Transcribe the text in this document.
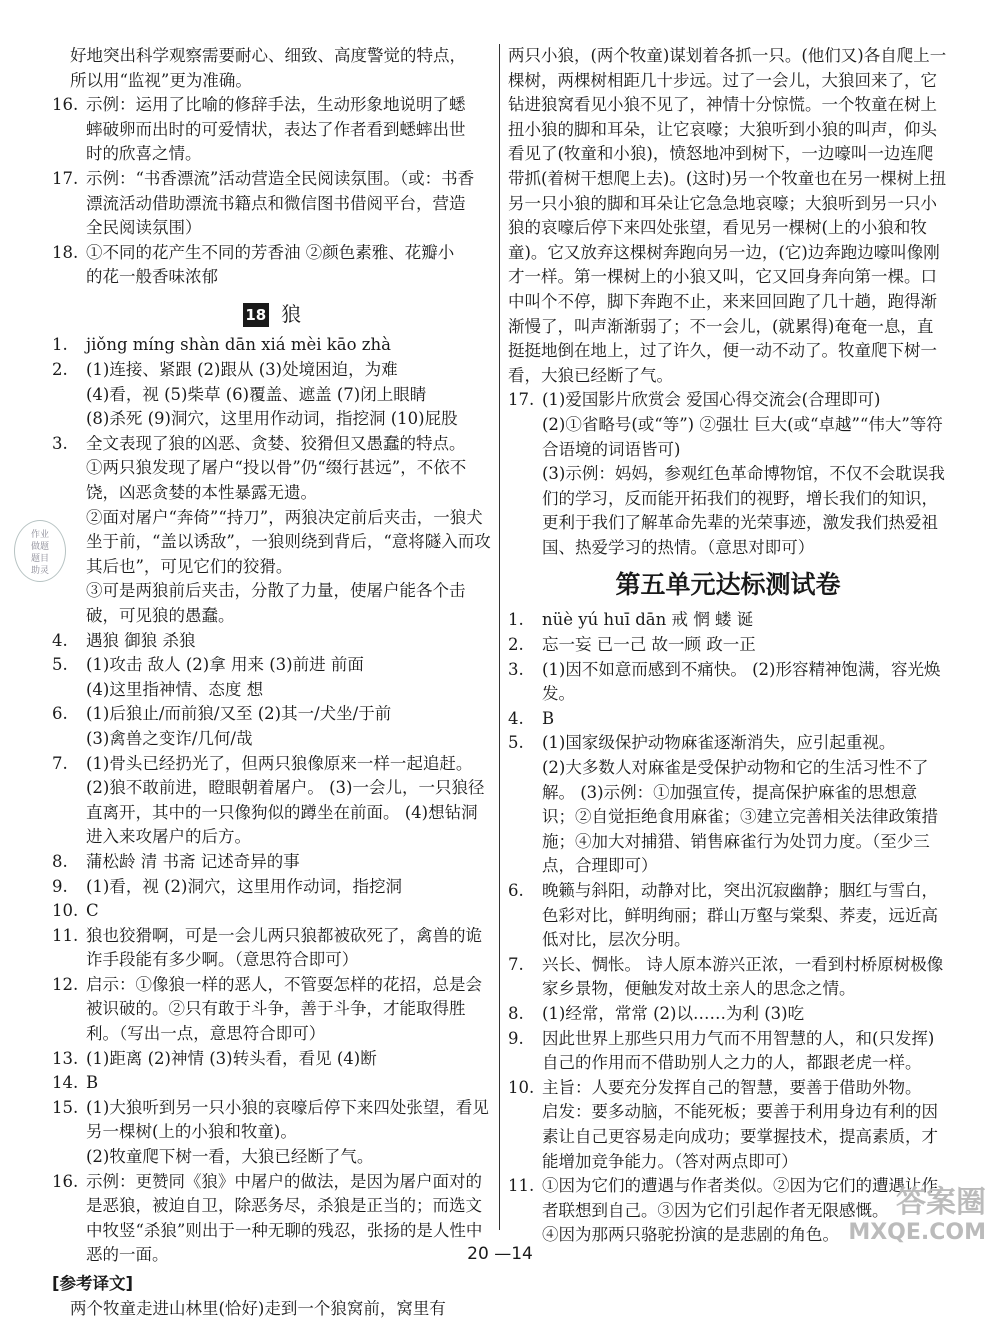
好地突出科学观察需要耐心、细致、高度警觉的特点，
所以用“监视”更为准确。
16. 示例：运用了比喻的修辞手法，生动形象地说明了蟋
蟀破卵而出时的可爱情状，表达了作者看到蟋蟀出世
时的欣喜之情。
17. 示例：“书香漂流”活动营造全民阅读氛围。（或：书香
漂流活动借助漂流书籍点和微信图书借阅平台，营造
全民阅读氛围）
18. ①不同的花产生不同的芳香油 ②颜色素雅、花瓣小
的花一般香味浓郁
18 狼
1. jiǒng míng shàn dān xiá mèi kāo zhà
2. (1)连接、紧跟 (2)跟从 (3)处境困迫，为难
(4)看，视 (5)柴草 (6)覆盖、遮盖 (7)闭上眼睛
(8)杀死 (9)洞穴，这里用作动词，指挖洞 (10)屁股
3. 全文表现了狼的凶恶、贪婪、狡猾但又愚蠢的特点。
①两只狼发现了屠户“投以骨”仍“缀行甚远”，不依不饶，凶恶贪婪的本性暴露无遗。
②面对屠户“奔倚”“持刀”，两狼决定前后夹击，一狼犬坐于前，“盖以诱敌”，一狼则绕到背后，“意将隧入而攻其后也”，可见它们的狡猾。
③可是两狼前后夹击，分散了力量，使屠户能各个击破，可见狼的愚蠢。
4. 遇狼 御狼 杀狼
5. (1)攻击 敌人 (2)拿 用来 (3)前进 前面
(4)这里指神情、态度 想
6. (1)后狼止/而前狼/又至 (2)其一/犬坐/于前
(3)禽兽之变诈/几何/哉
7. (1)骨头已经扔光了，但两只狼像原来一样一起追赶。
(2)狼不敢前进，瞪眼朝着屠户。 (3)一会儿，一只狼径直离开，其中的一只像狗似的蹲坐在前面。 (4)想钻洞进入来攻屠户的后方。
8. 蒲松龄 清 书斋 记述奇异的事
9. (1)看，视 (2)洞穴，这里用作动词，指挖洞
10. C
11. 狼也狡猾啊，可是一会儿两只狼都被砍死了，禽兽的诡诈手段能有多少啊。（意思符合即可）
12. 启示：①像狼一样的恶人，不管耍怎样的花招，总是会被识破的。②只有敢于斗争，善于斗争，才能取得胜利。（写出一点，意思符合即可）
13. (1)距离 (2)神情 (3)转头看，看见 (4)断
14. B
15. (1)大狼听到另一只小狼的哀嚎后停下来四处张望，看见另一棵树(上的小狼和牧童)。
(2)牧童爬下树一看，大狼已经断了气。
16. 示例：更赞同《狼》中屠户的做法，是因为屠户面对的是恶狼，被迫自卫，除恶务尽，杀狼是正当的；而选文中牧竖“杀狼”则出于一种无聊的残忍，张扬的是人性中恶的一面。
[参考译文]
两个牧童走进山林里(恰好)走到一个狼窝前，窝里有
两只小狼，(两个牧童)谋划着各抓一只。(他们又)各自爬上一棵树，两棵树相距几十步远。过了一会儿，大狼回来了，它钻进狼窝看见小狼不见了，神情十分惊慌。一个牧童在树上扭小狼的脚和耳朵，让它哀嚎；大狼听到小狼的叫声，仰头看见了(牧童和小狼)，愤怒地冲到树下，一边嚎叫一边连爬带抓(着树干想爬上去)。(这时)另一个牧童也在另一棵树上扭另一只小狼的脚和耳朵让它急急地哀嚎；大狼听到另一只小狼的哀嚎后停下来四处张望，看见另一棵树(上的小狼和牧童)。它又放弃这棵树奔跑向另一边，(它)边奔跑边嚎叫像刚才一样。第一棵树上的小狼又叫，它又回身奔向第一棵。口中叫个不停，脚下奔跑不止，来来回回跑了几十趟，跑得渐渐慢了，叫声渐渐弱了；不一会儿，(就累得)奄奄一息，直挺挺地倒在地上，过了许久，便一动不动了。牧童爬下树一看，大狼已经断了气。
17. (1)爱国影片欣赏会 爱国心得交流会(合理即可)
(2)①省略号(或“等”) ②强壮 巨大(或“卓越”“伟大”等符合语境的词语皆可)
(3)示例：妈妈，参观红色革命博物馆，不仅不会耽误我们的学习，反而能开拓我们的视野，增长我们的知识，更利于我们了解革命先辈的光荣事迹，激发我们热爱祖国、热爱学习的热情。（意思对即可）
第五单元达标测试卷
1. nüè yú huī dān 戒 惘 蝼 诞
2. 忘一妄 已一己 故一顾 政一正
3. (1)因不如意而感到不痛快。 (2)形容精神饱满，容光焕发。
4. B
5. (1)国家级保护动物麻雀逐渐消失，应引起重视。
(2)大多数人对麻雀是受保护动物和它的生活习性不了解。 (3)示例：①加强宣传，提高保护麻雀的思想意识；②自觉拒绝食用麻雀；③建立完善相关法律政策措施；④加大对捕猎、销售麻雀行为处罚力度。（至少三点，合理即可）
6. 晚籁与斜阳，动静对比，突出沉寂幽静；胭红与雪白，色彩对比，鲜明绚丽；群山万壑与棠梨、荞麦，远近高低对比，层次分明。
7. 兴长、惆怅。 诗人原本游兴正浓，一看到村桥原树极像家乡景物，便触发对故土亲人的思念之情。
8. (1)经常，常常 (2)以……为利 (3)吃
9. 因此世界上那些只用力气而不用智慧的人，和(只发挥)自己的作用而不借助别人之力的人，都跟老虎一样。
10. 主旨：人要充分发挥自己的智慧，要善于借助外物。
启发：要多动脑，不能死板；要善于利用身边有利的因素让自己更容易走向成功；要掌握技术，提高素质，才能增加竞争能力。（答对两点即可）
11. ①因为它们的遭遇与作者类似。②因为它们的遭遇让作者联想到自己。③因为它们引起作者无限感慨。
④因为那两只骆驼扮演的是悲剧的角色。
作业
做题
题目
助灵
20 —14
答案圈
MXQE.COM
